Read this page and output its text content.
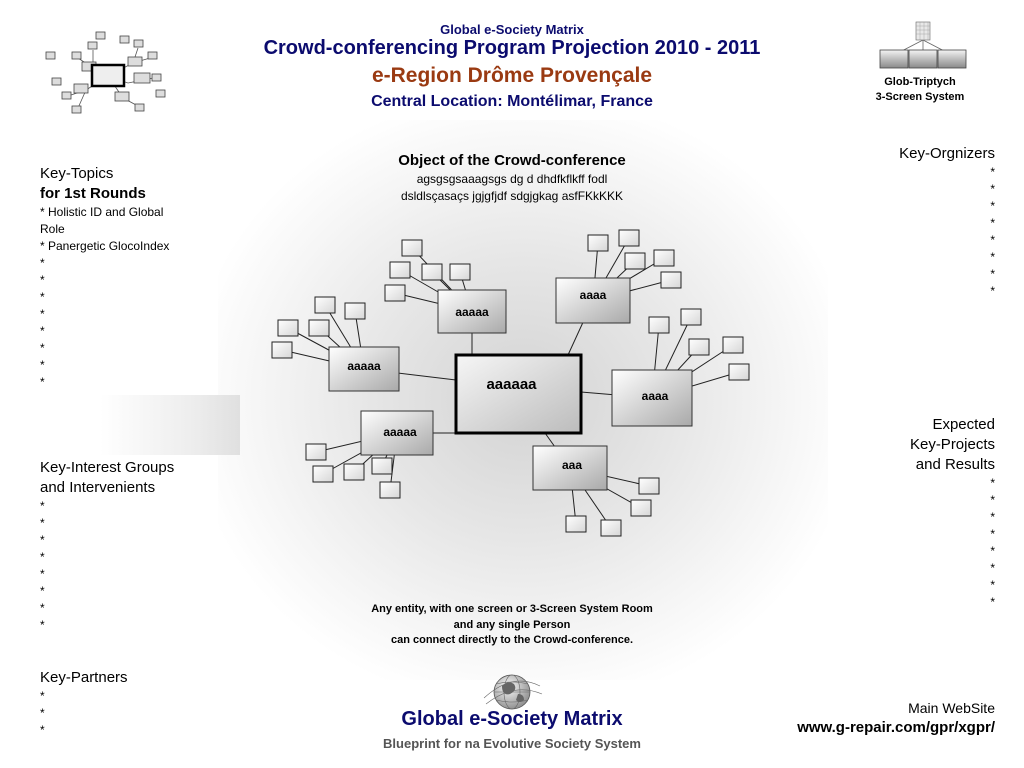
Glob-Triptych
3-Screen System
Global e-Society Matrix
Crowd-conferencing Program Projection 2010 - 2011
e-Region Drôme Provençale
Central Location: Montélimar, France
Key-Topics
for 1st Rounds
* Holistic ID and Global
Role
* Panergetic GlocoIndex
*
*
*
*
*
*
*
*
Key-Interest Groups
and Intervenients
*
*
*
*
*
*
*
*
Key-Partners
*
*
*
Key-Orgnizers
*
*
*
*
*
*
*
*
Expected
Key-Projects
and Results
*
*
*
*
*
*
*
*
Object of the Crowd-conference
agsgsgsaaagsgs dg d dhdfkflkff fodl
dsldlsçasaçs jgjgfjdf sdgjgkag asfFKkKKK
aaaaa
aaaa
aaaaa
aaaa
aaaaa
aaa
aaaaaa
Any entity, with one screen or 3-Screen System Room
and any single Person
can connect directly to the Crowd-conference.
Global e-Society Matrix
Blueprint for na Evolutive Society System
Main WebSite
www.g-repair.com/gpr/xgpr/
